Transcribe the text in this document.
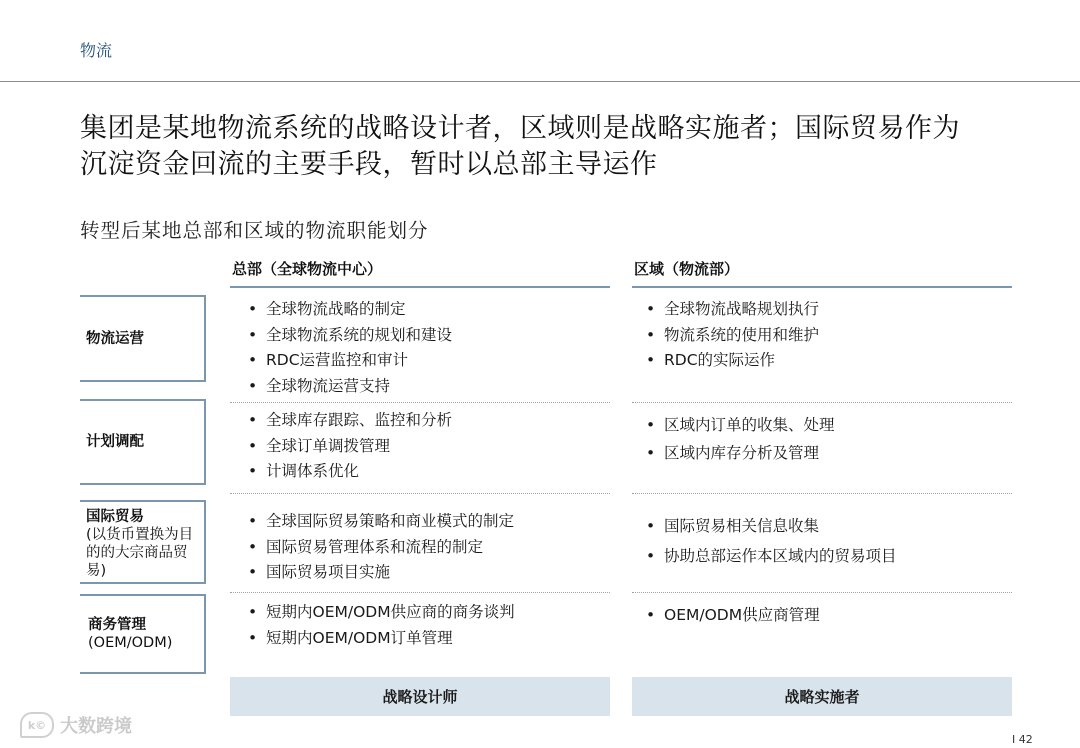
物流
集团是某地物流系统的战略设计者，区域则是战略实施者；国际贸易作为
沉淀资金回流的主要手段，暂时以总部主导运作
转型后某地总部和区域的物流职能划分
总部（全球物流中心）	区域（物流部）
物流运营
• 全球物流战略的制定
• 全球物流系统的规划和建设
• RDC运营监控和审计
• 全球物流运营支持
• 全球物流战略规划执行
• 物流系统的使用和维护
• RDC的实际运作
计划调配
• 全球库存跟踪、监控和分析
• 全球订单调拨管理
• 计调体系优化
• 区域内订单的收集、处理
• 区域内库存分析及管理
国际贸易
(以货币置换为目的的大宗商品贸易)
• 全球国际贸易策略和商业模式的制定
• 国际贸易管理体系和流程的制定
• 国际贸易项目实施
• 国际贸易相关信息收集
• 协助总部运作本区域内的贸易项目
商务管理
(OEM/ODM)
• 短期内OEM/ODM供应商的商务谈判
• 短期内OEM/ODM订单管理
• OEM/ODM供应商管理
战略设计师	战略实施者
k© 大数跨境
I 42
